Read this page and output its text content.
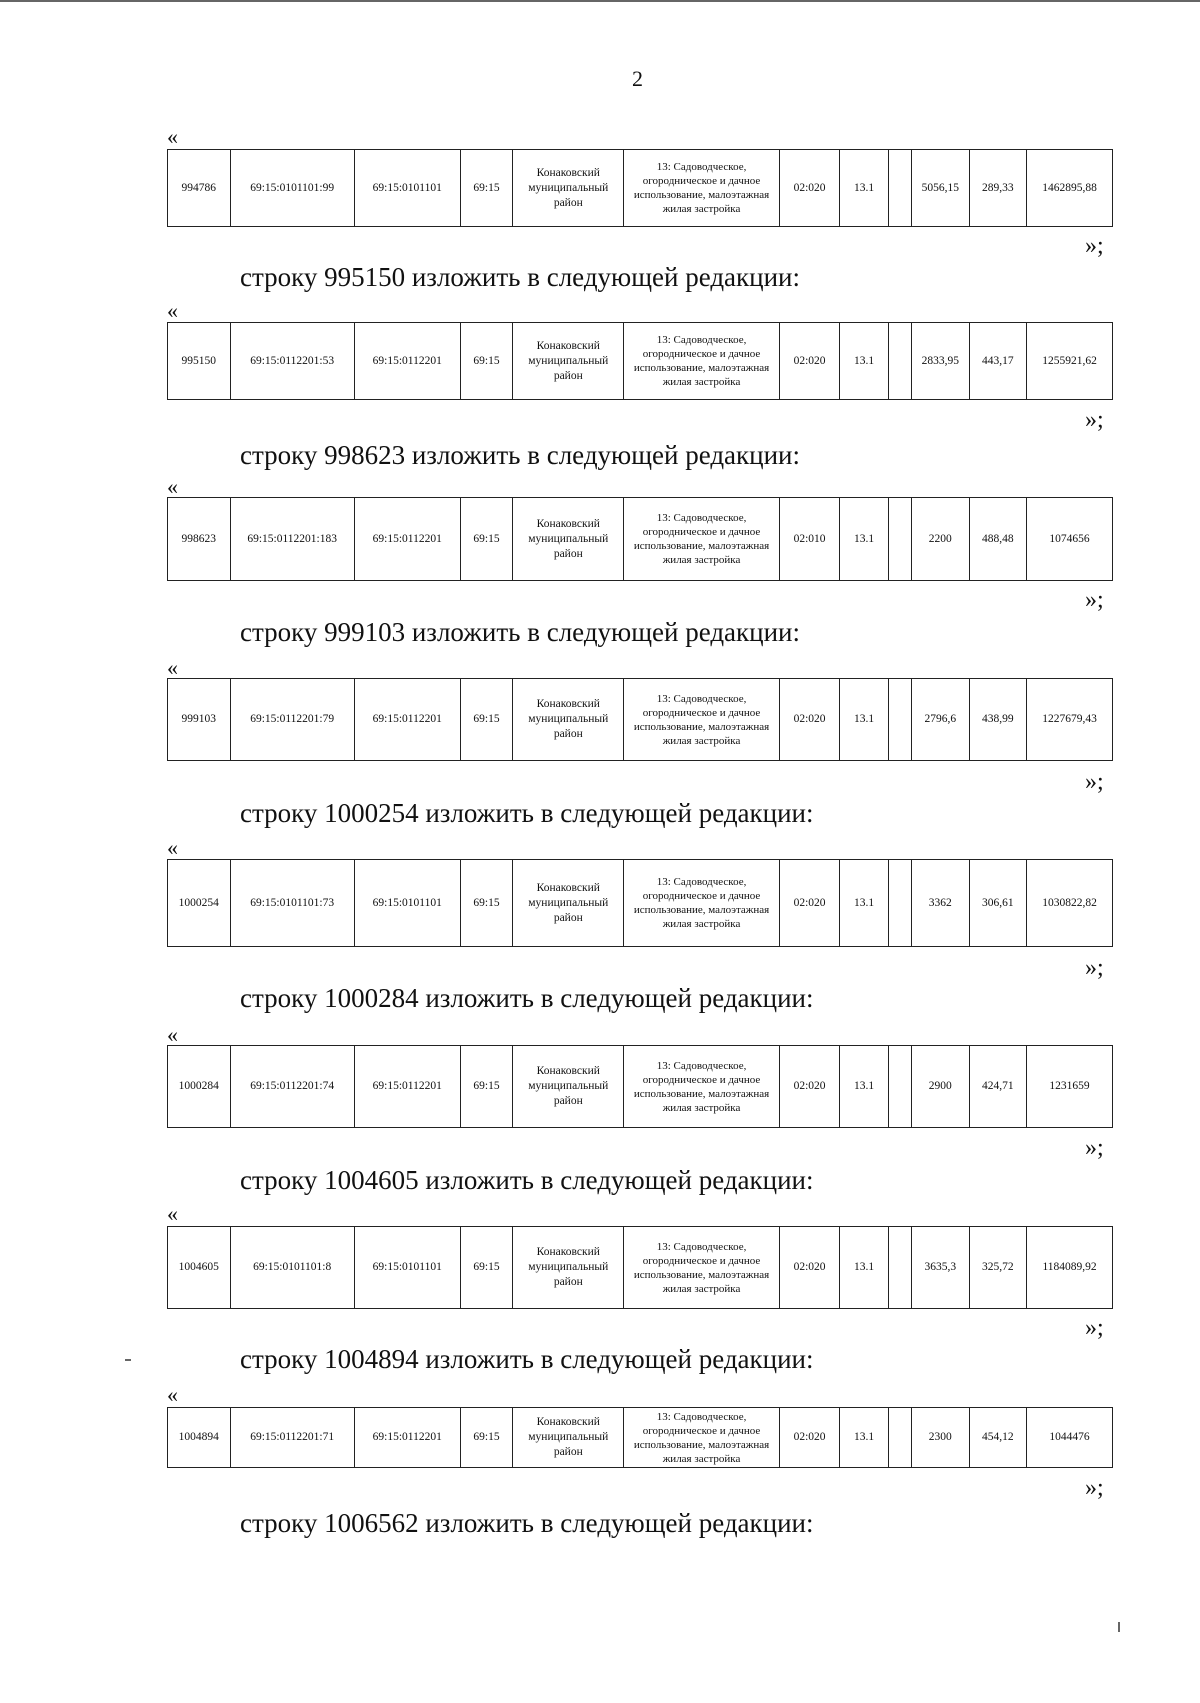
2
«
994786	69:15:0101101:99	69:15:0101101	69:15	Конаковский муниципальный район	13: Садоводческое, огородническое и дачное использование, малоэтажная жилая застройка	02:020	13.1		5056,15	289,33	1462895,88
»;
строку 995150 изложить в следующей редакции:
«
995150	69:15:0112201:53	69:15:0112201	69:15	Конаковский муниципальный район	13: Садоводческое, огородническое и дачное использование, малоэтажная жилая застройка	02:020	13.1		2833,95	443,17	1255921,62
»;
строку 998623 изложить в следующей редакции:
«
998623	69:15:0112201:183	69:15:0112201	69:15	Конаковский муниципальный район	13: Садоводческое, огородническое и дачное использование, малоэтажная жилая застройка	02:010	13.1		2200	488,48	1074656
»;
строку 999103 изложить в следующей редакции:
«
999103	69:15:0112201:79	69:15:0112201	69:15	Конаковский муниципальный район	13: Садоводческое, огородническое и дачное использование, малоэтажная жилая застройка	02:020	13.1		2796,6	438,99	1227679,43
»;
строку 1000254 изложить в следующей редакции:
«
1000254	69:15:0101101:73	69:15:0101101	69:15	Конаковский муниципальный район	13: Садоводческое, огородническое и дачное использование, малоэтажная жилая застройка	02:020	13.1		3362	306,61	1030822,82
»;
строку 1000284 изложить в следующей редакции:
«
1000284	69:15:0112201:74	69:15:0112201	69:15	Конаковский муниципальный район	13: Садоводческое, огородническое и дачное использование, малоэтажная жилая застройка	02:020	13.1		2900	424,71	1231659
»;
строку 1004605 изложить в следующей редакции:
«
1004605	69:15:0101101:8	69:15:0101101	69:15	Конаковский муниципальный район	13: Садоводческое, огородническое и дачное использование, малоэтажная жилая застройка	02:020	13.1		3635,3	325,72	1184089,92
»;
строку 1004894 изложить в следующей редакции:
«
1004894	69:15:0112201:71	69:15:0112201	69:15	Конаковский муниципальный район	13: Садоводческое, огородническое и дачное использование, малоэтажная жилая застройка	02:020	13.1		2300	454,12	1044476
»;
строку 1006562 изложить в следующей редакции:
